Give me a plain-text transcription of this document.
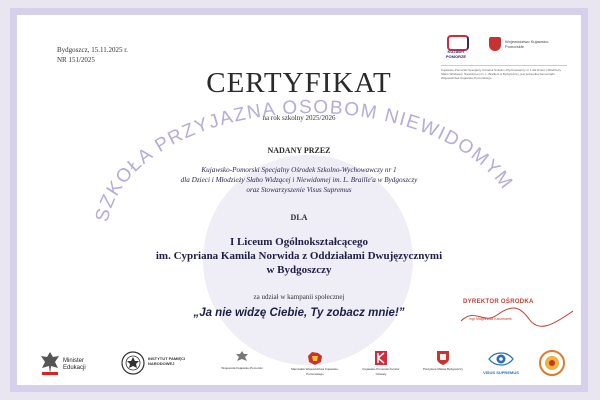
SZKOŁA PRZYJAZNA OSOBOM NIEWIDOMYM
Bydgoszcz, 15.11.2025 r.
NR 151/2025
KUJAWY POMORZE
Województwo Kujawsko-Pomorskie
Kujawsko-Pomorski Specjalny Ośrodek Szkolno-Wychowawczy nr 1 dla Dzieci i Młodzieży Słabo Widzącej i Niewidomej im. L. Braille'a w Bydgoszczy, jest jednostką Samorządu Województwa Kujawsko-Pomorskiego
CERTYFIKAT
na rok szkolny 2025/2026
NADANY PRZEZ
Kujawsko-Pomorski Specjalny Ośrodek Szkolno-Wychowawczy nr 1
dla Dzieci i Młodzieży Słabo Widzącej i Niewidomej im. L. Braille'a w Bydgoszczy
oraz Stowarzyszenie Visus Supremus
DLA
I Liceum Ogólnokształcącego
im. Cypriana Kamila Norwida z Oddziałami Dwujęzycznymi
w Bydgoszczy
za udział w kampanii społecznej
„Ja nie widzę Ciebie, Ty zobacz mnie!”
DYREKTOR OŚRODKA
mgr Małgorzata Kaczmarek
Minister Edukacji
INSTYTUT PAMIĘCI NARODOWEJ
Wojewoda Kujawsko-Pomorski	Marszałek Województwa Kujawsko-Pomorskiego
Kujawsko-Pomorski Kurator Oświaty
Prezydent Miasta Bydgoszczy
VISUS SUPREMUS
